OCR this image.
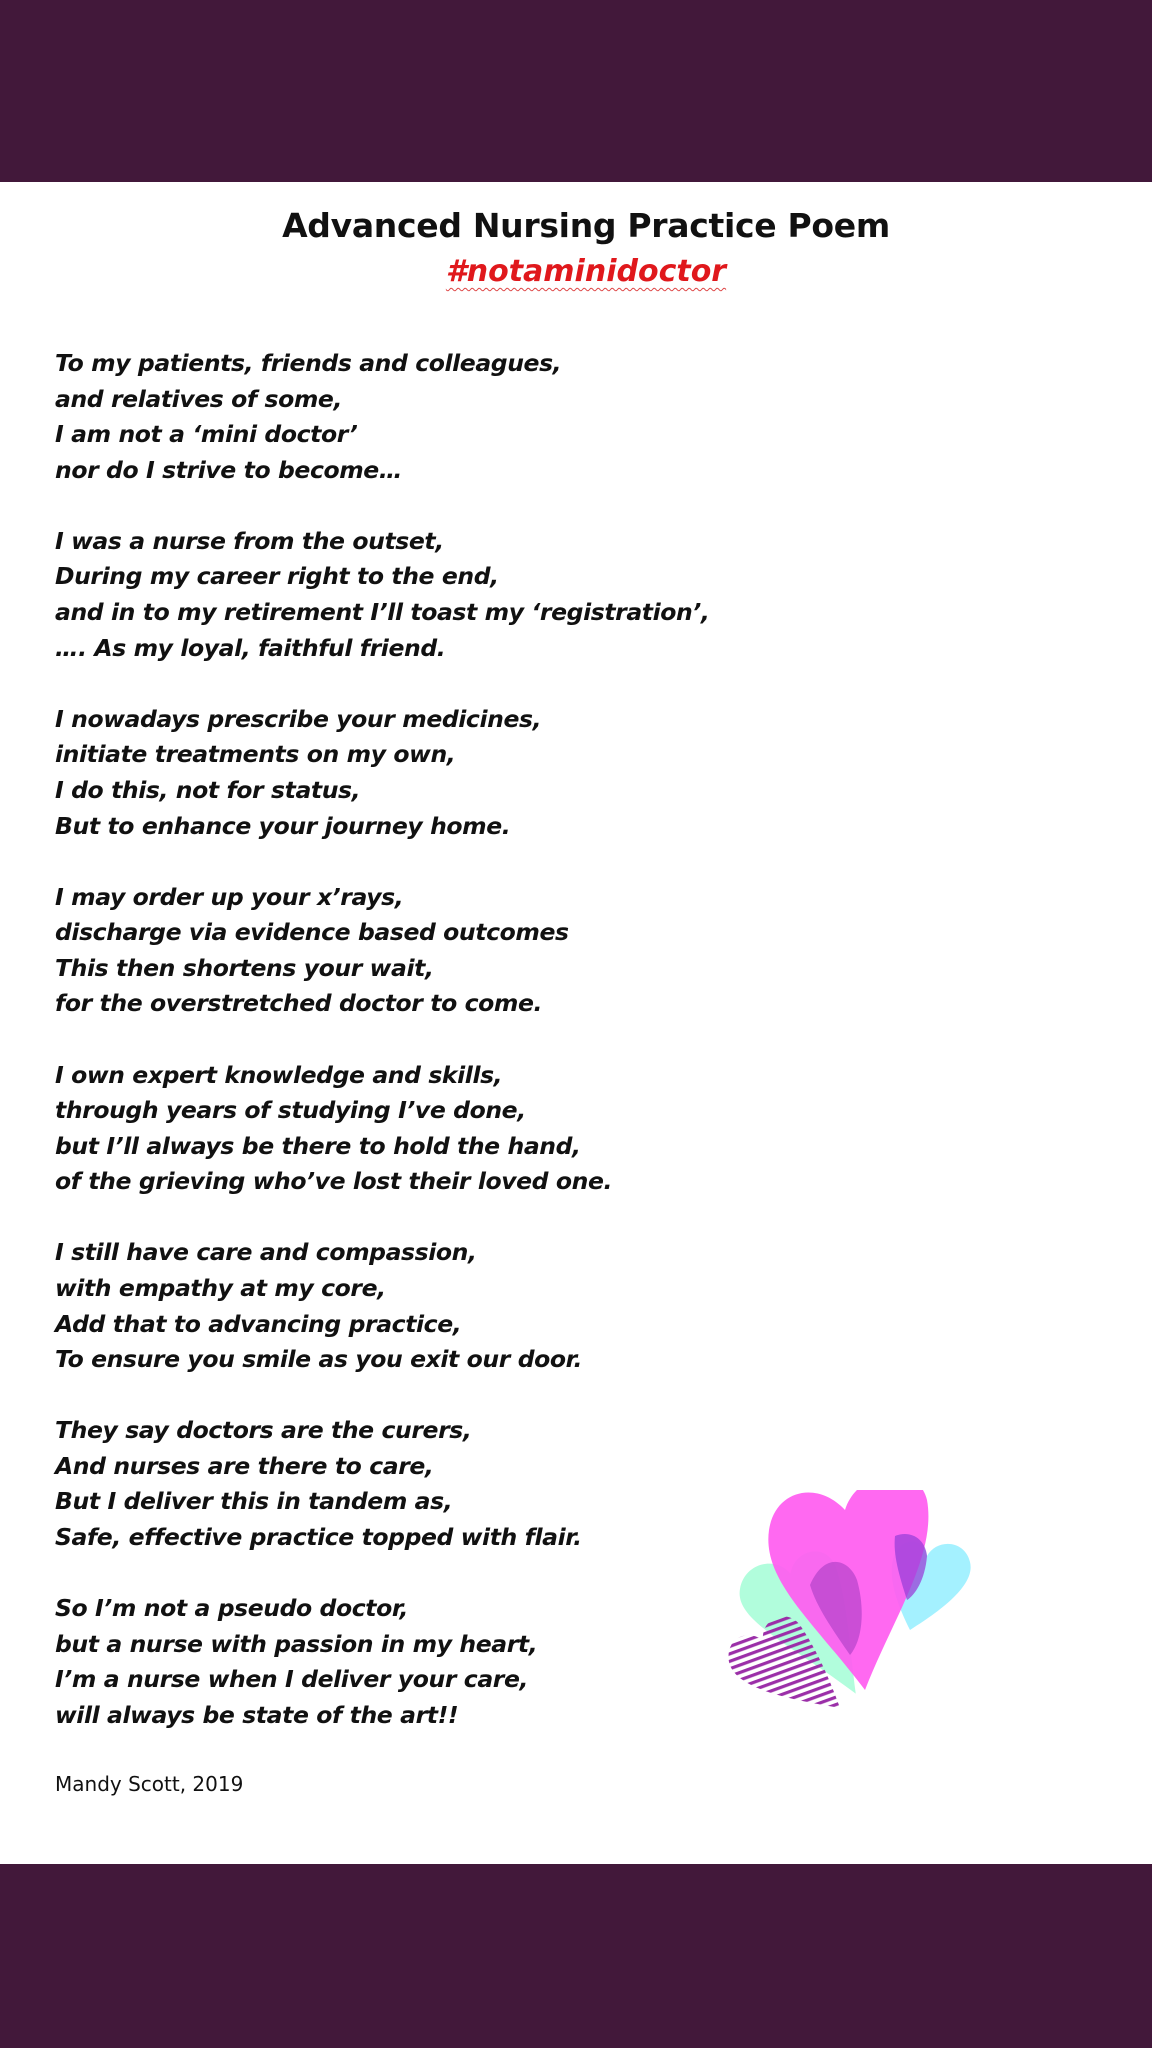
Advanced Nursing Practice Poem
#notaminidoctor
To my patients, friends and colleagues,
and relatives of some,
I am not a ‘mini doctor’
nor do I strive to become…
I was a nurse from the outset,
During my career right to the end,
and in to my retirement I’ll toast my ‘registration’,
…. As my loyal, faithful friend.
I nowadays prescribe your medicines,
initiate treatments on my own,
I do this, not for status,
But to enhance your journey home.
I may order up your x’rays,
discharge via evidence based outcomes
This then shortens your wait,
for the overstretched doctor to come.
I own expert knowledge and skills,
through years of studying I’ve done,
but I’ll always be there to hold the hand,
of the grieving who’ve lost their loved one.
I still have care and compassion,
with empathy at my core,
Add that to advancing practice,
To ensure you smile as you exit our door.
They say doctors are the curers,
And nurses are there to care,
But I deliver this in tandem as,
Safe, effective practice topped with flair.
So I’m not a pseudo doctor,
but a nurse with passion in my heart,
I’m a nurse when I deliver your care,
will always be state of the art!!
Mandy Scott, 2019
